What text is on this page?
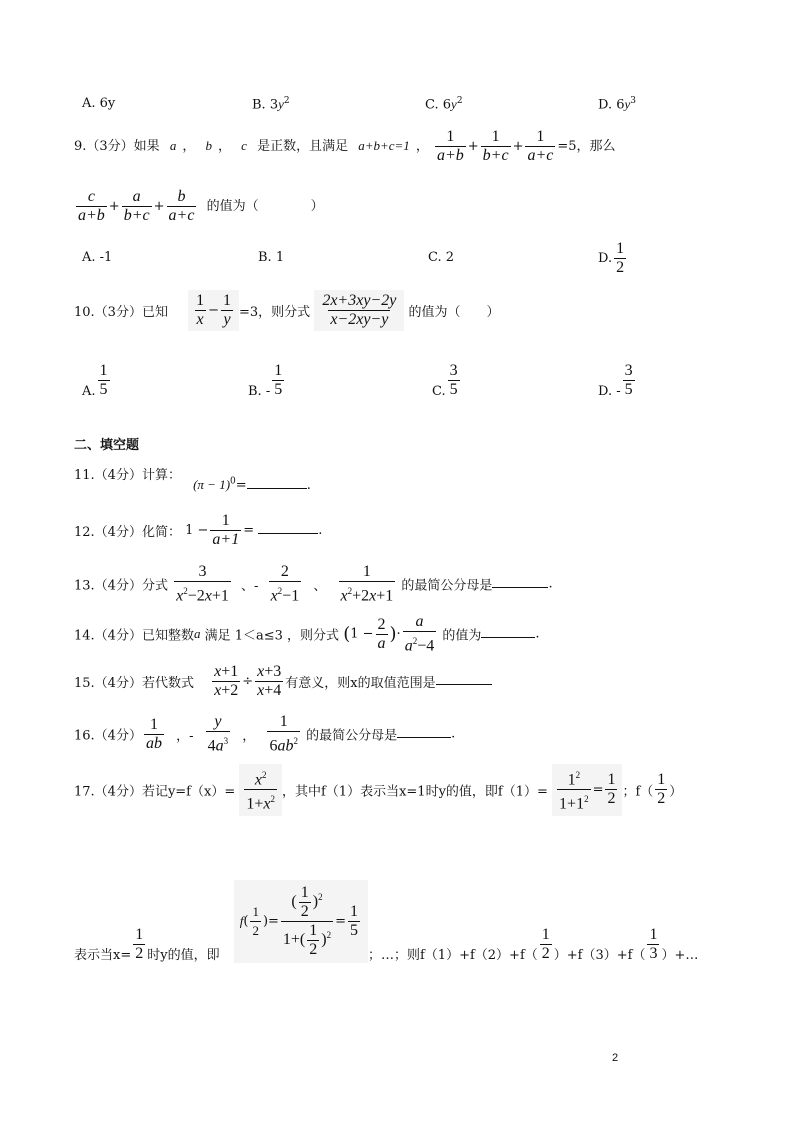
A. 6y	B. $3y^2$	C. $6y^2$	D. $6y^3$
9.（3分）如果 a ， b ， c 是正数，且满足 a+b+c=1 ， $\frac{1}{a+b} + \frac{1}{b+c} + \frac{1}{a+c} =5$，那么
$\frac{c}{a+b} + \frac{a}{b+c} + \frac{b}{a+c}$ 的值为（　　　　）
A. -1	B. 1	C. 2	D. $\frac{1}{2}$
10.（3分）已知 $\frac{1}{x} - \frac{1}{y} =3$，则分式 $\frac{2x+3xy-2y}{x-2xy-y}$ 的值为（　　）
A. $\frac{1}{5}$	B. - $\frac{1}{5}$	C. $\frac{3}{5}$	D. - $\frac{3}{5}$
二、填空题
11.（4分）计算： $(\pi - 1)^0=$	.
12.（4分）化简： $1 - \frac{1}{a+1}$ =	.
13.（4分）分式 $\frac{3}{x^2-2x+1}$ 、- $\frac{2}{x^2-1}$ 、 $\frac{1}{x^2+2x+1}$ 的最简公分母是	.
14.（4分）已知整数a 满足 1＜a≤3 ，则分式 ($1 - \frac{2}{a}$ )· $\frac{a}{a^2-4}$ 的值为	.
15.（4分）若代数式 $\frac{x+1}{x+2} \div \frac{x+3}{x+4}$ 有意义，则x的取值范围是
16.（4分） $\frac{1}{ab}$ ，- $\frac{y}{4a^3}$ ， $\frac{1}{6ab^2}$ 的最简公分母是	.
17.（4分）若记$y=f(x)= \frac{x^2}{1+x^2}$ ，其中f（1）表示当x=1时y的值，即$f(1)= \frac{1^2}{1+1^2} = \frac{1}{2}$ ；$f( \frac{1}{2}$ ）
表示当$x= \frac{1}{2}$ 时y的值，即 $f( \frac{1}{2}$ )= $\frac{( \frac{1}{2} )^2}{1+( \frac{1}{2} )^2} = \frac{1}{5}$
；…；则$f(1)+f(2)+f( \frac{1}{2} )+f(3)+f( \frac{1}{3}$ ）+…
2
